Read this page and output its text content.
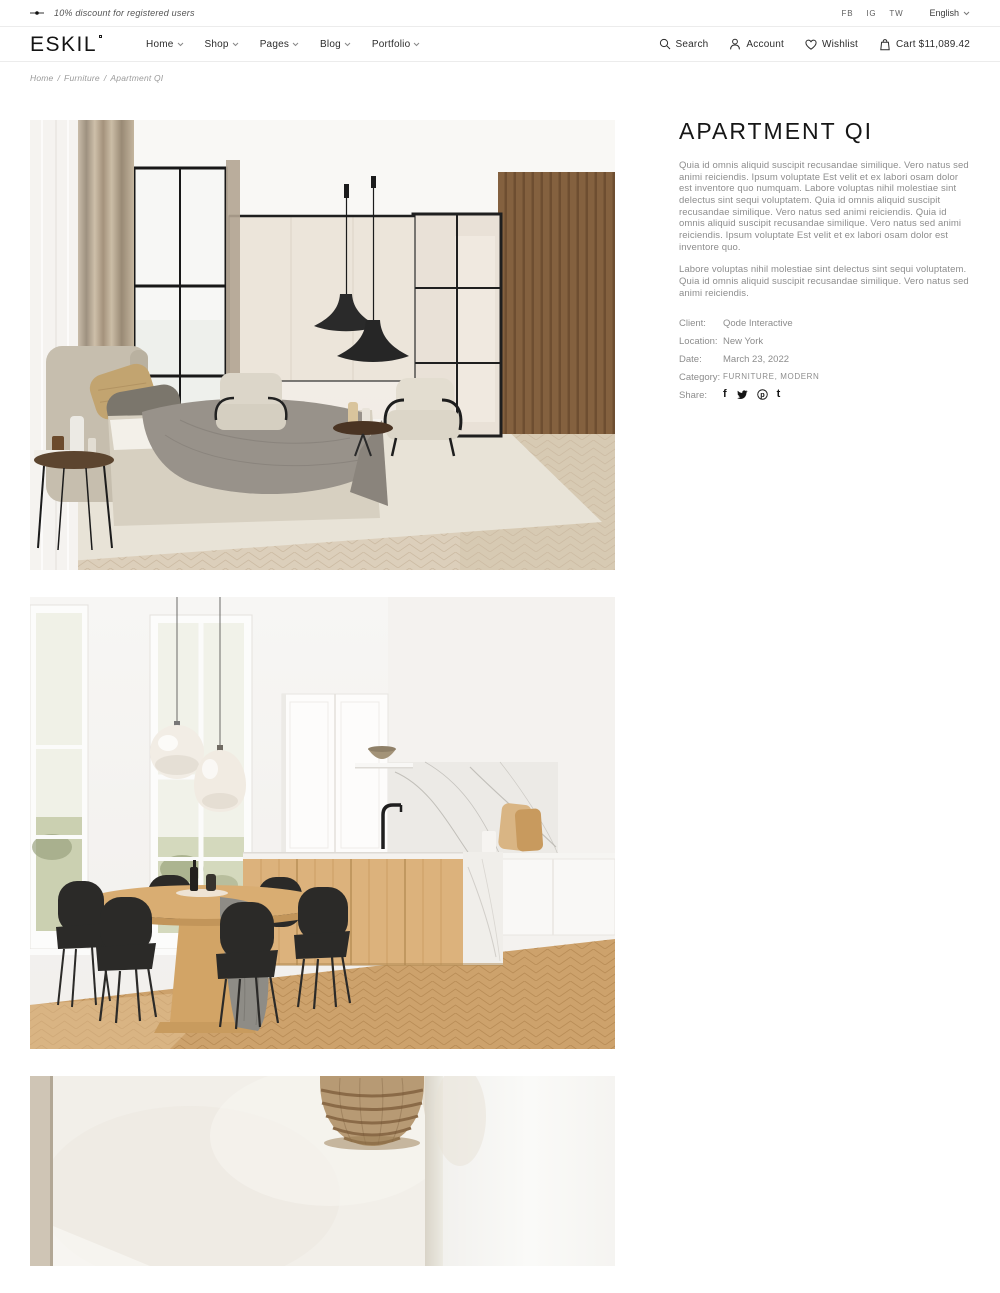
10% discount for registered users	FB IG TW	English
ESKIL	Home	Shop	Pages	Blog	Portfolio	Search	Account	Wishlist	Cart $11,089.42
Home / Furniture / Apartment QI
APARTMENT QI

Quia id omnis aliquid suscipit recusandae similique. Vero natus sed animi reiciendis. Ipsum voluptate Est velit et ex labori osam dolor est inventore quo numquam. Labore voluptas nihil molestiae sint delectus sint sequi voluptatem. Quia id omnis aliquid suscipit recusandae similique. Vero natus sed animi reiciendis. Quia id omnis aliquid suscipit recusandae similique. Vero natus sed animi reiciendis. Ipsum voluptate Est velit et ex labori osam dolor est inventore quo.

Labore voluptas nihil molestiae sint delectus sint sequi voluptatem. Quia id omnis aliquid suscipit recusandae similique. Vero natus sed animi reiciendis.

Client:	Qode Interactive
Location: New York
Date:	March 23, 2022
Category: FURNITURE, MODERN
Share:	f	p t
